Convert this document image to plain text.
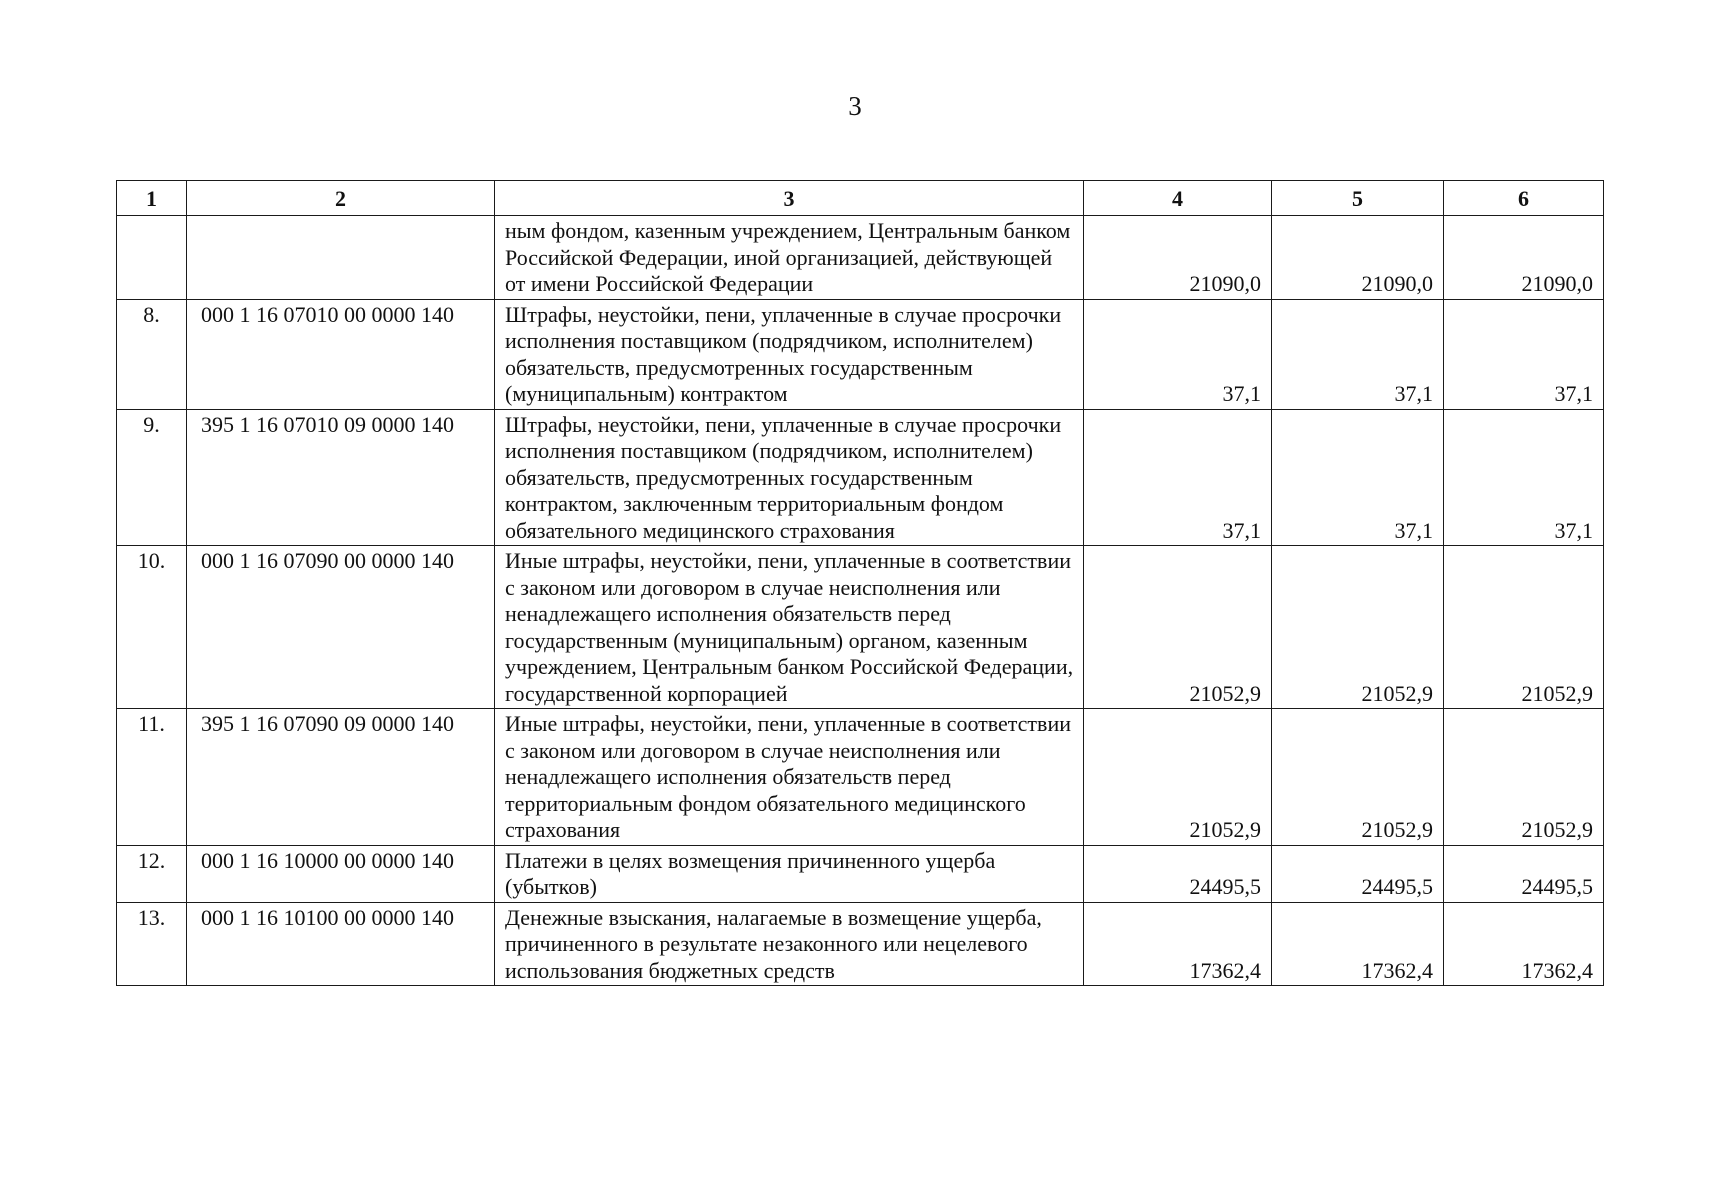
3
1	2	3	4	5	6
		ным фондом, казенным учреждением, Центральным банком Российской Федерации, иной организацией, действующей от имени Российской Федерации	21090,0	21090,0	21090,0
8.	000 1 16 07010 00 0000 140	Штрафы, неустойки, пени, уплаченные в случае просрочки исполнения поставщиком (подрядчиком, исполнителем) обязательств, предусмотренных государственным (муниципальным) контрактом	37,1	37,1	37,1
9.	395 1 16 07010 09 0000 140	Штрафы, неустойки, пени, уплаченные в случае просрочки исполнения поставщиком (подрядчиком, исполнителем) обязательств, предусмотренных государственным контрактом, заключенным территориальным фондом обязательного медицинского страхования	37,1	37,1	37,1
10.	000 1 16 07090 00 0000 140	Иные штрафы, неустойки, пени, уплаченные в соответствии с законом или договором в случае неисполнения или ненадлежащего исполнения обязательств перед государственным (муниципальным) органом, казенным учреждением, Центральным банком Российской Федерации, государственной корпорацией	21052,9	21052,9	21052,9
11.	395 1 16 07090 09 0000 140	Иные штрафы, неустойки, пени, уплаченные в соответствии с законом или договором в случае неисполнения или ненадлежащего исполнения обязательств перед территориальным фондом обязательного медицинского страхования	21052,9	21052,9	21052,9
12.	000 1 16 10000 00 0000 140	Платежи в целях возмещения причиненного ущерба (убытков)	24495,5	24495,5	24495,5
13.	000 1 16 10100 00 0000 140	Денежные взыскания, налагаемые в возмещение ущерба, причиненного в результате незаконного или нецелевого использования бюджетных средств	17362,4	17362,4	17362,4
